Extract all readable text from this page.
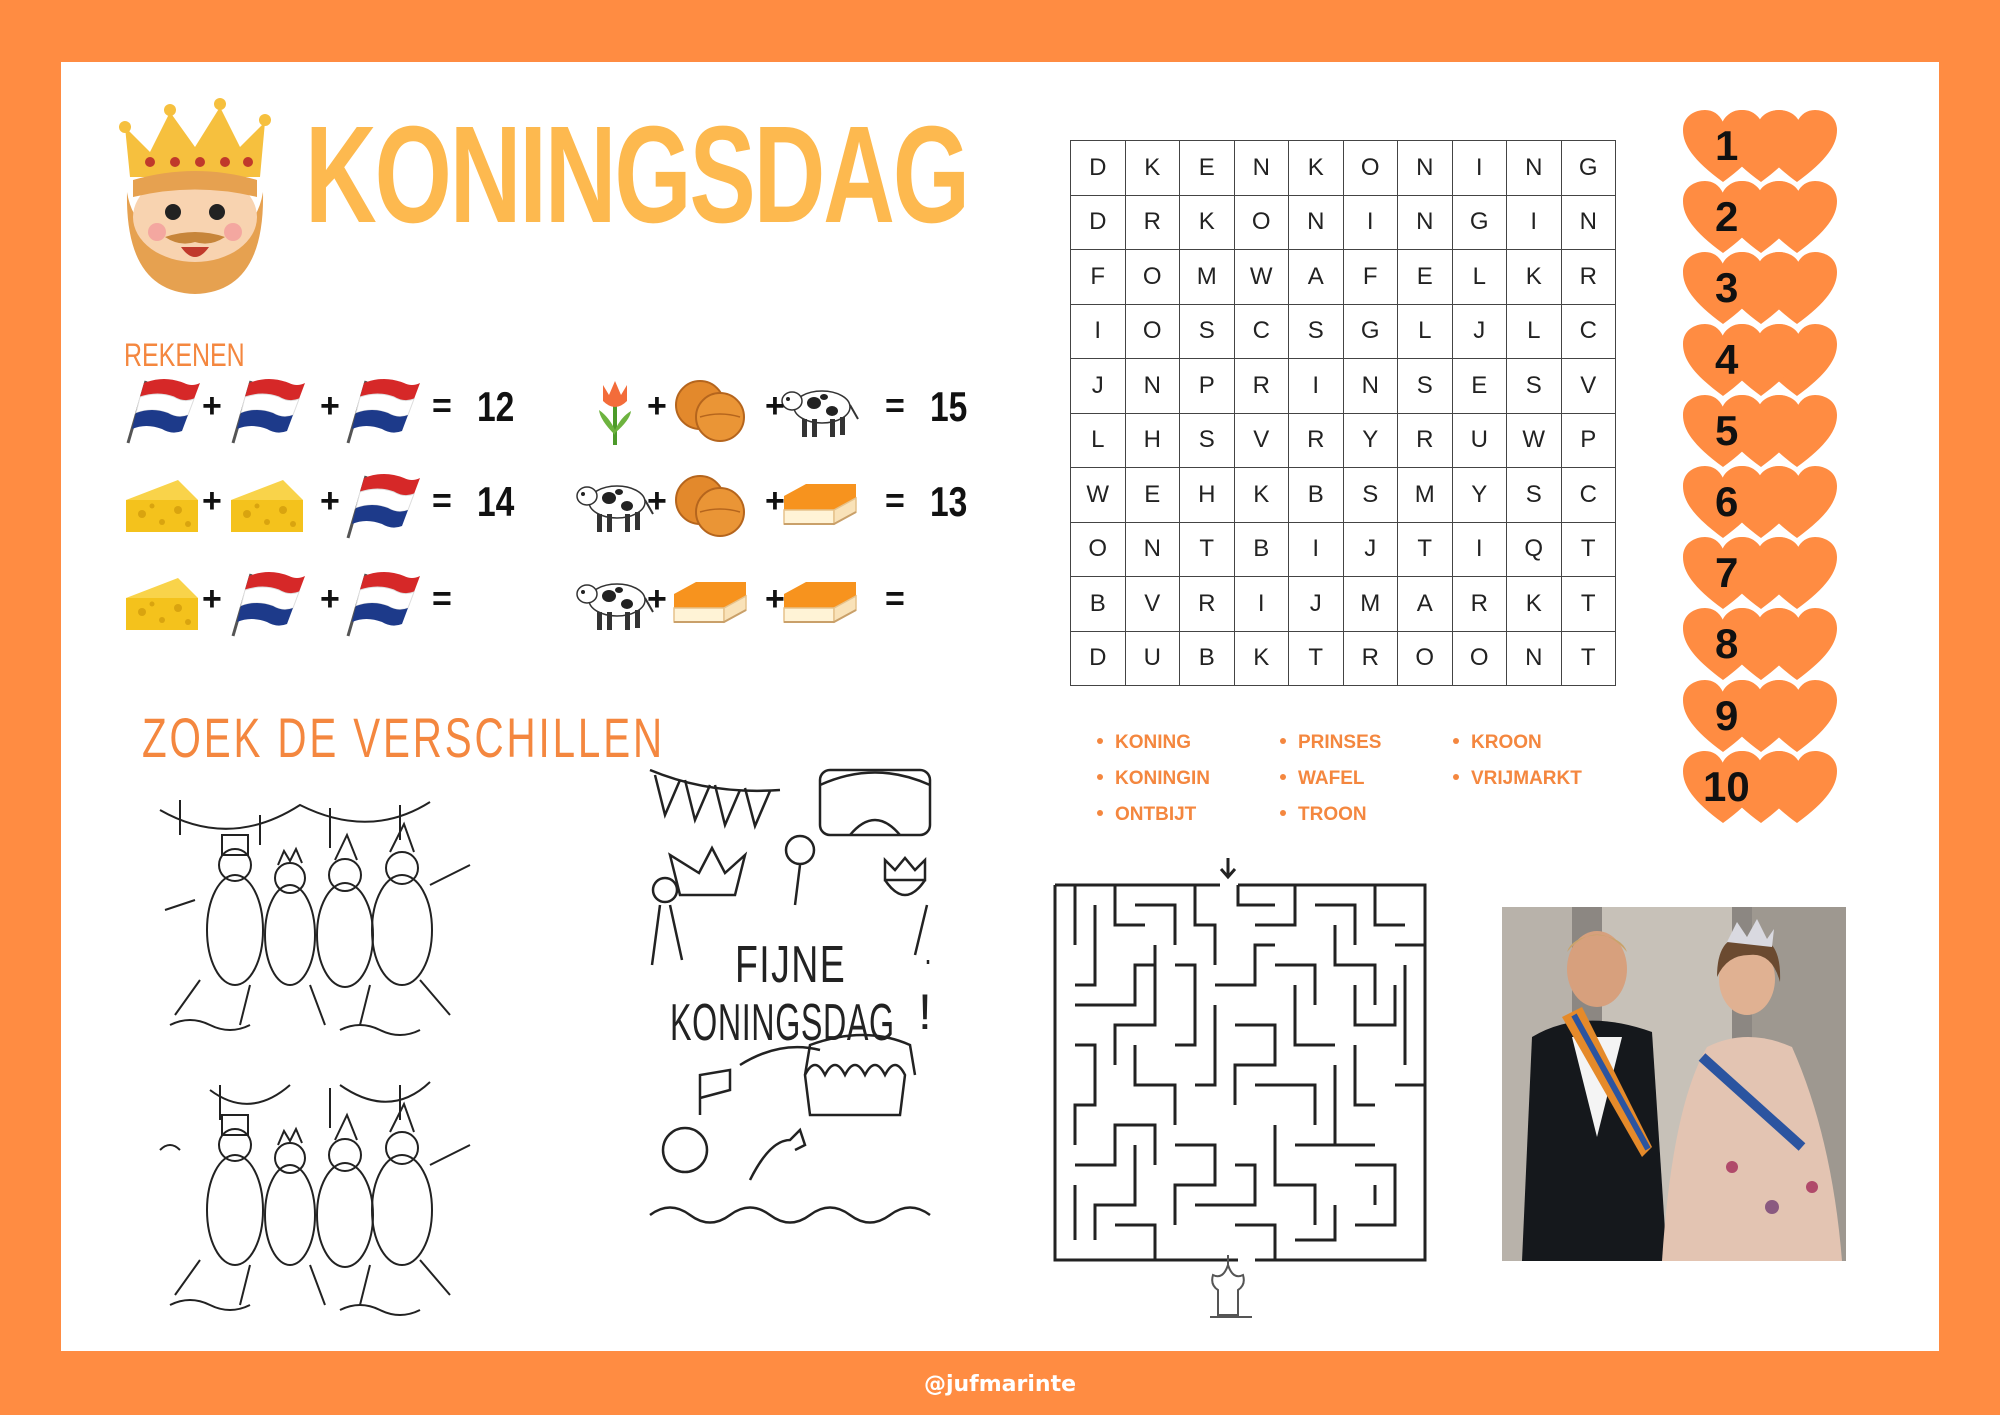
KONINGSDAG
REKENEN
+	+	= 12
+	+	= 14
+	+	=
+	+	= 15
+	+	= 13
+	+	=
ZOEK DE VERSCHILLEN
FIJNE
KONINGSDAG !
D	K	E	N	K	O	N	I	N	G
D	R	K	O	N	I	N	G	I	N
F	O	M	W	A	F	E	L	K	R
I	O	S	C	S	G	L	J	L	C
J	N	P	R	I	N	S	E	S	V
L	H	S	V	R	Y	R	U	W	P
W	E	H	K	B	S	M	Y	S	C
O	N	T	B	I	J	T	I	Q	T
B	V	R	I	J	M	A	R	K	T
D	U	B	K	T	R	O	O	N	T
KONING
KONINGIN
ONTBIJT
PRINSES
WAFEL
TROON
KROON
VRIJMARKT
1
2
3
4
5
6
7
8
9
10
@jufmarinte
